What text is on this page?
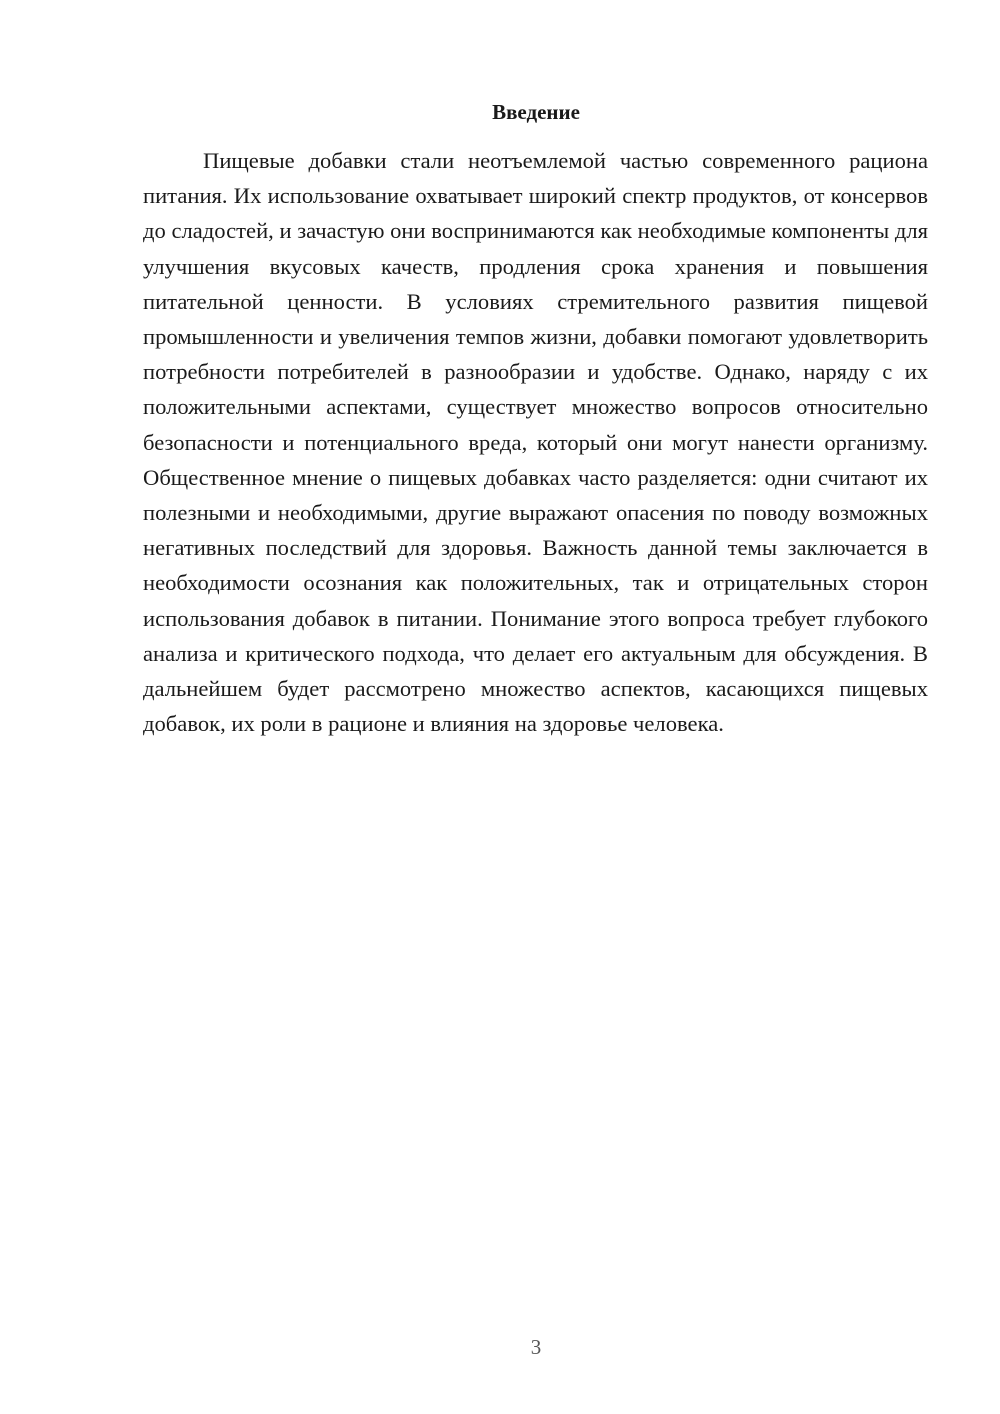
Введение

Пищевые добавки стали неотъемлемой частью современного рациона питания. Их использование охватывает широкий спектр продуктов, от консервов до сладостей, и зачастую они воспринимаются как необходимые компоненты для улучшения вкусовых качеств, продления срока хранения и повышения питательной ценности. В условиях стремительного развития пищевой промышленности и увеличения темпов жизни, добавки помогают удовлетворить потребности потребителей в разнообразии и удобстве. Однако, наряду с их положительными аспектами, существует множество вопросов относительно безопасности и потенциального вреда, который они могут нанести организму. Общественное мнение о пищевых добавках часто разделяется: одни считают их полезными и необходимыми, другие выражают опасения по поводу возможных негативных последствий для здоровья. Важность данной темы заключается в необходимости осознания как положительных, так и отрицательных сторон использования добавок в питании. Понимание этого вопроса требует глубокого анализа и критического подхода, что делает его актуальным для обсуждения. В дальнейшем будет рассмотрено множество аспектов, касающихся пищевых добавок, их роли в рационе и влияния на здоровье человека.

3
